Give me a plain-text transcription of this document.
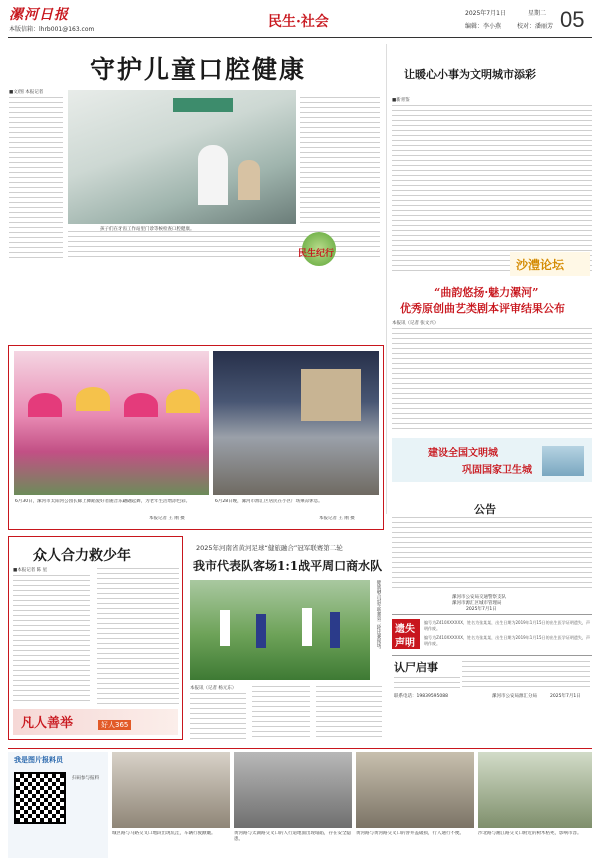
漯河日报
本版信箱：lhrb001@163.com	民生·社会
2025年7月1日	星期二
编辑：李小燕	校对：潘丽芳 05
守护儿童口腔健康
■文/图 本报记者
孩子们在牙齿工作站里门诊等候检查口腔健康。
民生纪行
让暖心小事为文明城市添彩
■新青鉴
沙澧论坛
“曲韵悠扬·魅力漯河”
优秀原创曲艺类剧本评审结果公布
本报讯（记者 张文兴）
建设全国文明城
巩固国家卫生城
6月30日，漯河市太阳河公园长廊上舞蹈爱好者随音乐翩翩起舞，为老年生活增添色彩。
本报记者 王 刚 摄
6月28日晚，漯河市源汇区居民在小区广场乘凉休息。
本报记者 王 刚 摄
众人合力救少年
■本报记者 陈 星
凡人善举	好人365
2025年河南省黄河足球“健旅融合”冠军联赛第二轮
我市代表队客场1:1战平周口商水队
健旅融合冠军联赛第二轮比赛现场。
本报讯（记者 杨元东）
公告
漯河市公安局交通警察支队
漯河市源汇区城市管理局
2025年7月1日
遗失
声明
编号为Z410XXXXXX，姓名为张某某，出生日期为2019年1月15日的出生医学证明遗失，声明作废。
编号为Z410XXXXXX，姓名为张某某，出生日期为2019年1月15日的出生医学证明遗失，声明作废。
认尸启事
联系电话：19839595088	漯河市公安局源汇分局	2025年7月1日
我是图片报料员
扫码参与报料
城区路与马路交叉口地段出现坑洼，车辆行驶颠簸。	黄河路与太湖路交叉口的人行道地面出现塌陷，存在安全隐患。
黄河路与黄河路交叉口的窨井盖破损，行人通行不便。	沙北路与湘江路交叉口附近的树木枯死，影响市容。
